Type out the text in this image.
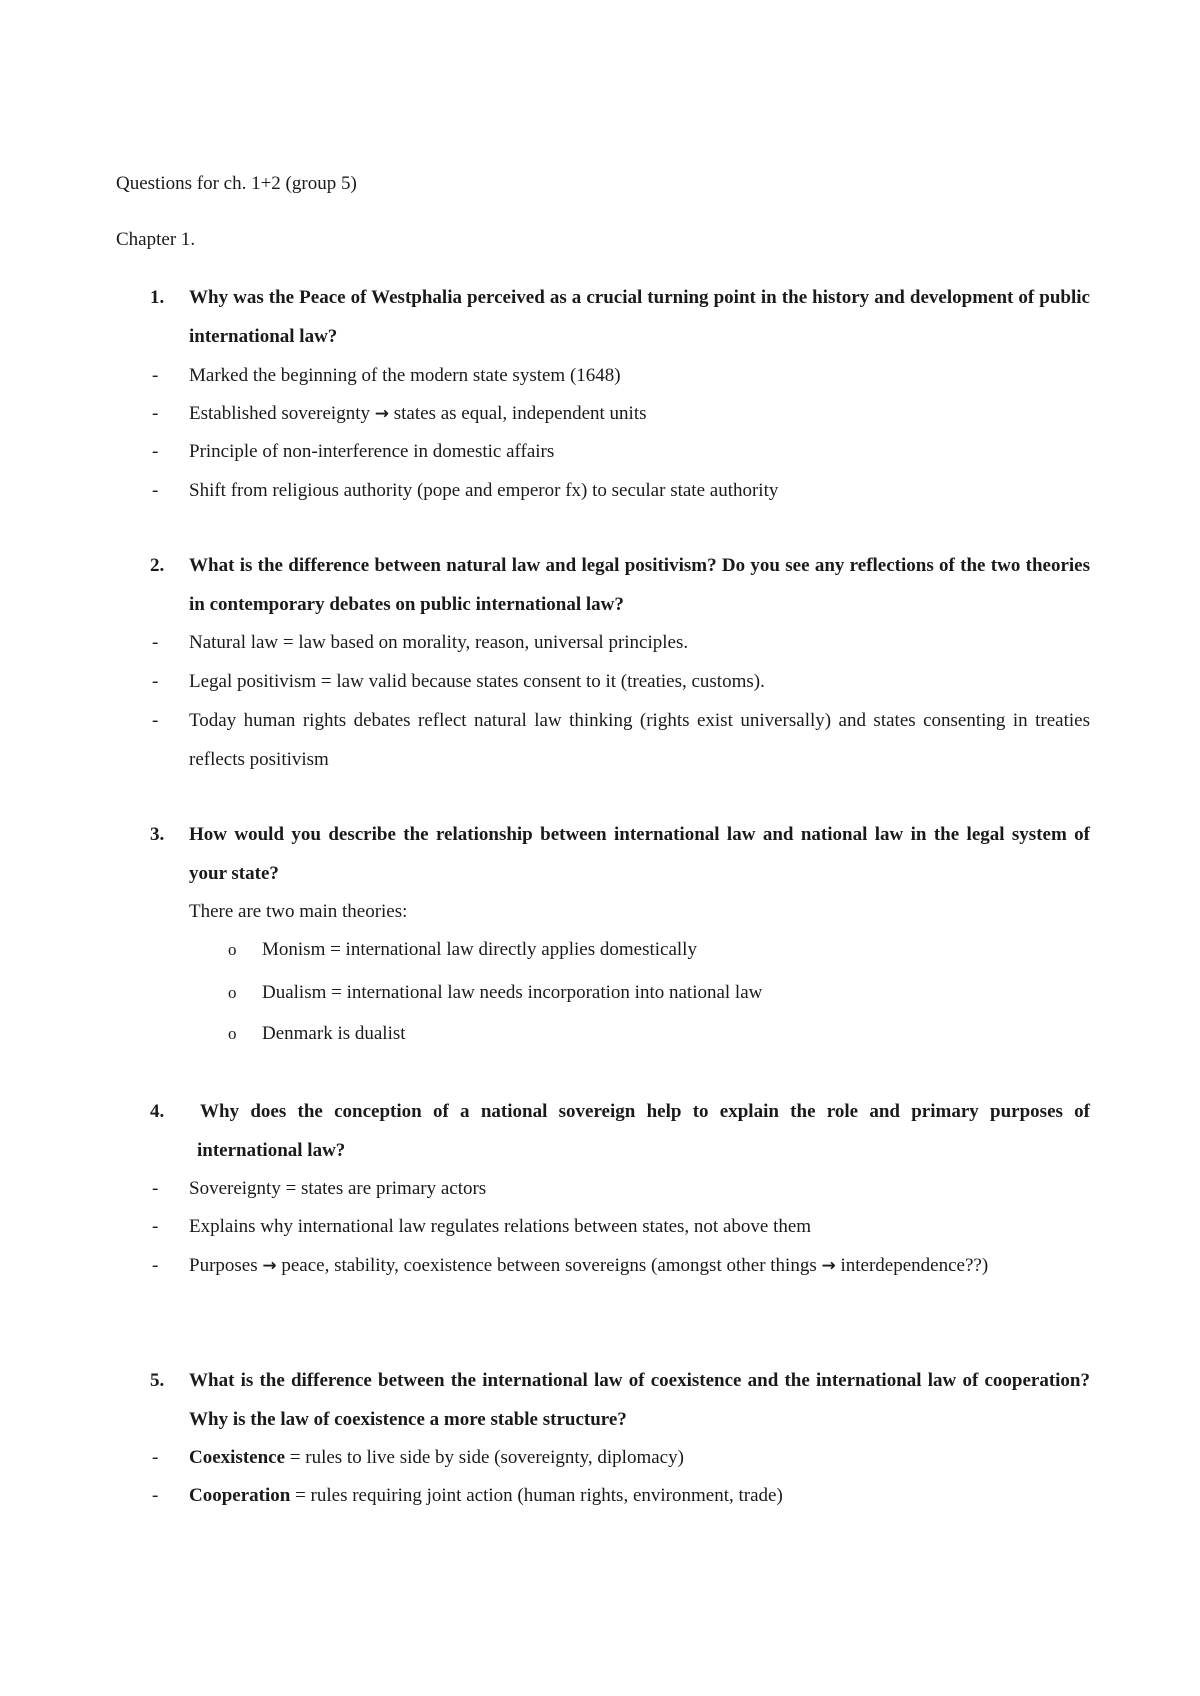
Questions for ch. 1+2 (group 5)
Chapter 1.
1. Why was the Peace of Westphalia perceived as a crucial turning point in the history and development of public international law?
- Marked the beginning of the modern state system (1648)
- Established sovereignty → states as equal, independent units
- Principle of non-interference in domestic affairs
- Shift from religious authority (pope and emperor fx) to secular state authority
2. What is the difference between natural law and legal positivism? Do you see any reflections of the two theories in contemporary debates on public international law?
- Natural law = law based on morality, reason, universal principles.
- Legal positivism = law valid because states consent to it (treaties, customs).
- Today human rights debates reflect natural law thinking (rights exist universally) and states consenting in treaties reflects positivism
3. How would you describe the relationship between international law and national law in the legal system of your state?
There are two main theories:
o Monism = international law directly applies domestically
o Dualism = international law needs incorporation into national law
o Denmark is dualist
4. Why does the conception of a national sovereign help to explain the role and primary purposes of international law?
- Sovereignty = states are primary actors
- Explains why international law regulates relations between states, not above them
- Purposes → peace, stability, coexistence between sovereigns (amongst other things → interdependence??)
5. What is the difference between the international law of coexistence and the international law of cooperation? Why is the law of coexistence a more stable structure?
- Coexistence = rules to live side by side (sovereignty, diplomacy)
- Cooperation = rules requiring joint action (human rights, environment, trade)
